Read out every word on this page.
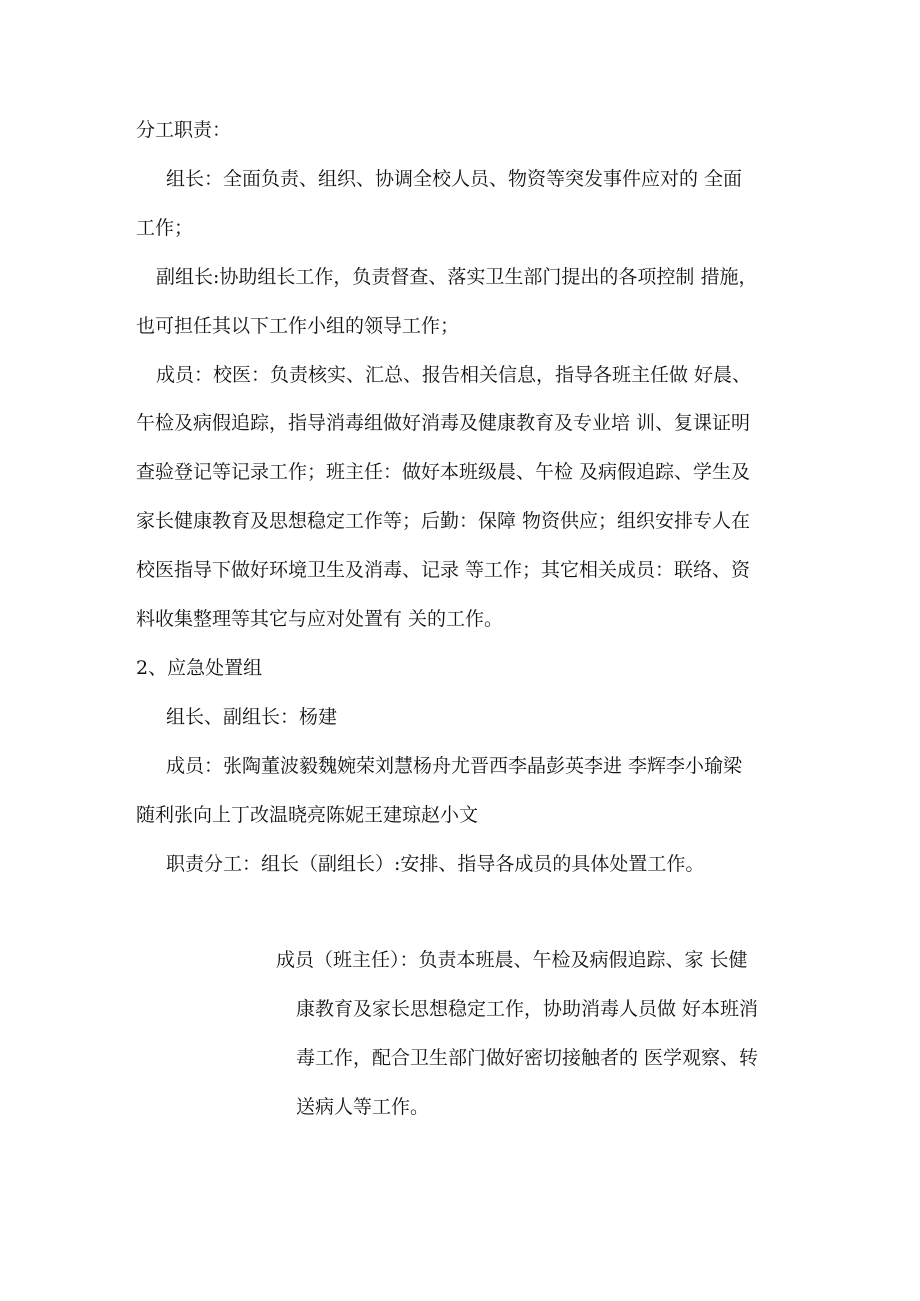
分工职责：
组长：全面负责、组织、协调全校人员、物资等突发事件应对的 全面
工作；
副组长:协助组长工作，负责督查、落实卫生部门提出的各项控制 措施，
也可担任其以下工作小组的领导工作；
成员：校医：负责核实、汇总、报告相关信息，指导各班主任做 好晨、
午检及病假追踪，指导消毒组做好消毒及健康教育及专业培 训、复课证明
查验登记等记录工作；班主任：做好本班级晨、午检 及病假追踪、学生及
家长健康教育及思想稳定工作等；后勤：保障 物资供应；组织安排专人在
校医指导下做好环境卫生及消毒、记录 等工作；其它相关成员：联络、资
料收集整理等其它与应对处置有 关的工作。
2、应急处置组
组长、副组长：杨建
成员：张陶董波毅魏婉荣刘慧杨舟尤晋西李晶彭英李进 李辉李小瑜梁
随利张向上丁改温晓亮陈妮王建琼赵小文
职责分工：组长（副组长）:安排、指导各成员的具体处置工作。
成员（班主任）：负责本班晨、午检及病假追踪、家 长健
康教育及家长思想稳定工作，协助消毒人员做 好本班消
毒工作，配合卫生部门做好密切接触者的 医学观察、转
送病人等工作。
